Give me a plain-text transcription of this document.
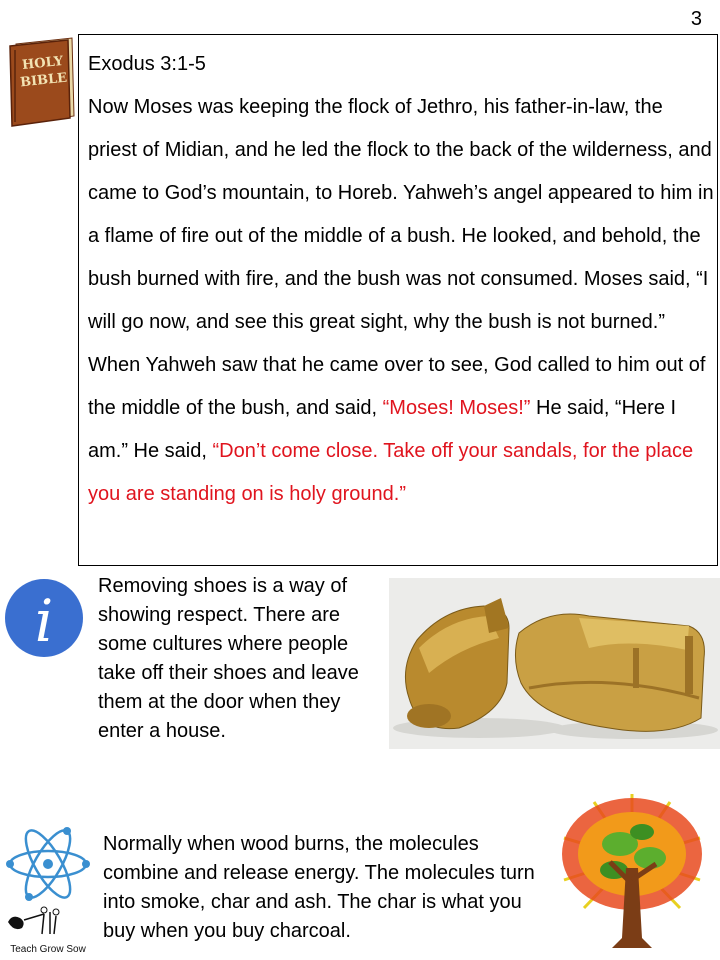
3
HOLY
BIBLE
Exodus 3:1-5
Now Moses was keeping the flock of Jethro, his father-in-law, the priest of Midian, and he led the flock to the back of the wilderness, and came to God’s mountain, to Horeb. Yahweh’s angel appeared to him in a flame of fire out of the middle of a bush. He looked, and behold, the bush burned with fire, and the bush was not consumed. Moses said, “I will go now, and see this great sight, why the bush is not burned.” When Yahweh saw that he came over to see, God called to him out of the middle of the bush, and said, “Moses! Moses!” He said, “Here I am.” He said, “Don’t come close. Take off your sandals, for the place you are standing on is holy ground.”
i
Removing shoes is a way of showing respect. There are some cultures where people take off their shoes and leave them at the door when they enter a house.
Teach Grow Sow
Normally when wood burns, the molecules combine and release energy. The molecules turn into smoke, char and ash. The char is what you buy when you buy charcoal.
